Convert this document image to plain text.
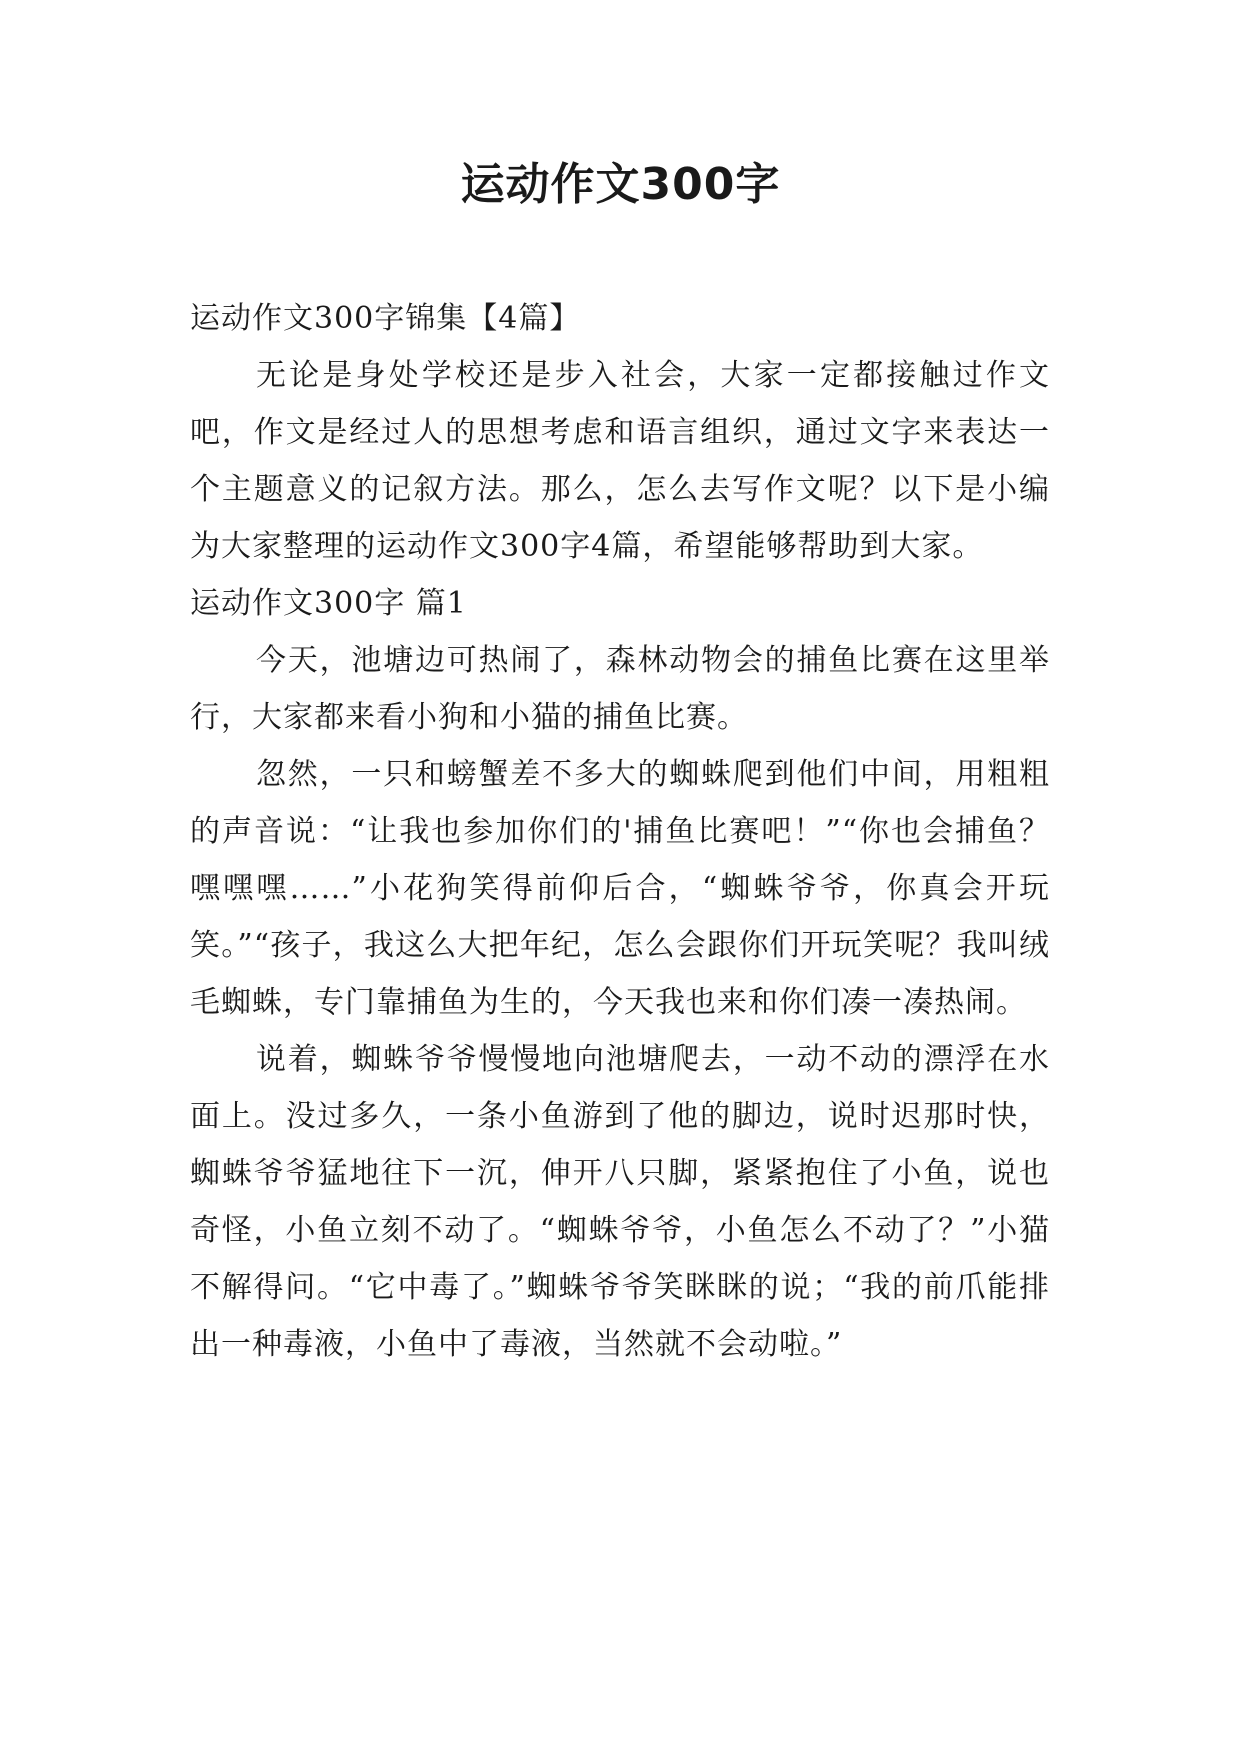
运动作文300字

运动作文300字锦集【4篇】

无论是身处学校还是步入社会，大家一定都接触过作文吧，作文是经过人的思想考虑和语言组织，通过文字来表达一个主题意义的记叙方法。那么，怎么去写作文呢？以下是小编为大家整理的运动作文300字4篇，希望能够帮助到大家。

运动作文300字 篇1

今天，池塘边可热闹了，森林动物会的捕鱼比赛在这里举行，大家都来看小狗和小猫的捕鱼比赛。

忽然，一只和螃蟹差不多大的蜘蛛爬到他们中间，用粗粗的声音说：“让我也参加你们的'捕鱼比赛吧！”“你也会捕鱼？嘿嘿嘿……”小花狗笑得前仰后合，“蜘蛛爷爷，你真会开玩笑。”“孩子，我这么大把年纪，怎么会跟你们开玩笑呢？我叫绒毛蜘蛛，专门靠捕鱼为生的，今天我也来和你们凑一凑热闹。

说着，蜘蛛爷爷慢慢地向池塘爬去，一动不动的漂浮在水面上。没过多久，一条小鱼游到了他的脚边，说时迟那时快，蜘蛛爷爷猛地往下一沉，伸开八只脚，紧紧抱住了小鱼，说也奇怪，小鱼立刻不动了。“蜘蛛爷爷，小鱼怎么不动了？”小猫不解得问。“它中毒了。”蜘蛛爷爷笑眯眯的说；“我的前爪能排出一种毒液，小鱼中了毒液，当然就不会动啦。”
